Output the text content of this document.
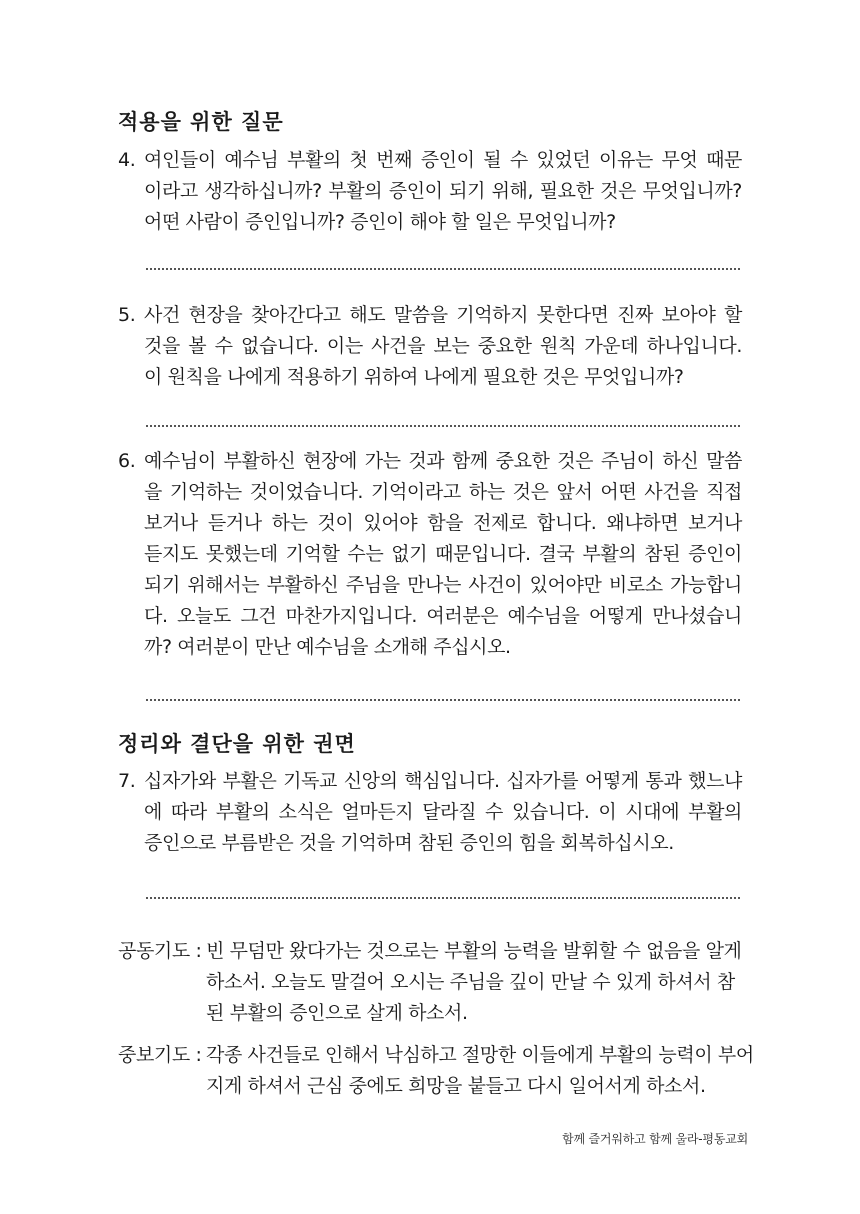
적용을 위한 질문
4. 여인들이 예수님 부활의 첫 번째 증인이 될 수 있었던 이유는 무엇 때문
이라고 생각하십니까? 부활의 증인이 되기 위해, 필요한 것은 무엇입니까?
어떤 사람이 증인입니까? 증인이 해야 할 일은 무엇입니까?
5. 사건 현장을 찾아간다고 해도 말씀을 기억하지 못한다면 진짜 보아야 할
것을 볼 수 없습니다. 이는 사건을 보는 중요한 원칙 가운데 하나입니다.
이 원칙을 나에게 적용하기 위하여 나에게 필요한 것은 무엇입니까?
6. 예수님이 부활하신 현장에 가는 것과 함께 중요한 것은 주님이 하신 말씀
을 기억하는 것이었습니다. 기억이라고 하는 것은 앞서 어떤 사건을 직접
보거나 듣거나 하는 것이 있어야 함을 전제로 합니다. 왜냐하면 보거나
듣지도 못했는데 기억할 수는 없기 때문입니다. 결국 부활의 참된 증인이
되기 위해서는 부활하신 주님을 만나는 사건이 있어야만 비로소 가능합니
다. 오늘도 그건 마찬가지입니다. 여러분은 예수님을 어떻게 만나셨습니
까? 여러분이 만난 예수님을 소개해 주십시오.
정리와 결단을 위한 권면
7. 십자가와 부활은 기독교 신앙의 핵심입니다. 십자가를 어떻게 통과 했느냐
에 따라 부활의 소식은 얼마든지 달라질 수 있습니다. 이 시대에 부활의
증인으로 부름받은 것을 기억하며 참된 증인의 힘을 회복하십시오.
공동기도 : 빈 무덤만 왔다가는 것으로는 부활의 능력을 발휘할 수 없음을 알게
하소서. 오늘도 말걸어 오시는 주님을 깊이 만날 수 있게 하셔서 참
된 부활의 증인으로 살게 하소서.
중보기도 : 각종 사건들로 인해서 낙심하고 절망한 이들에게 부활의 능력이 부어
지게 하셔서 근심 중에도 희망을 붙들고 다시 일어서게 하소서.
함께 즐거워하고 함께 울라-평동교회
